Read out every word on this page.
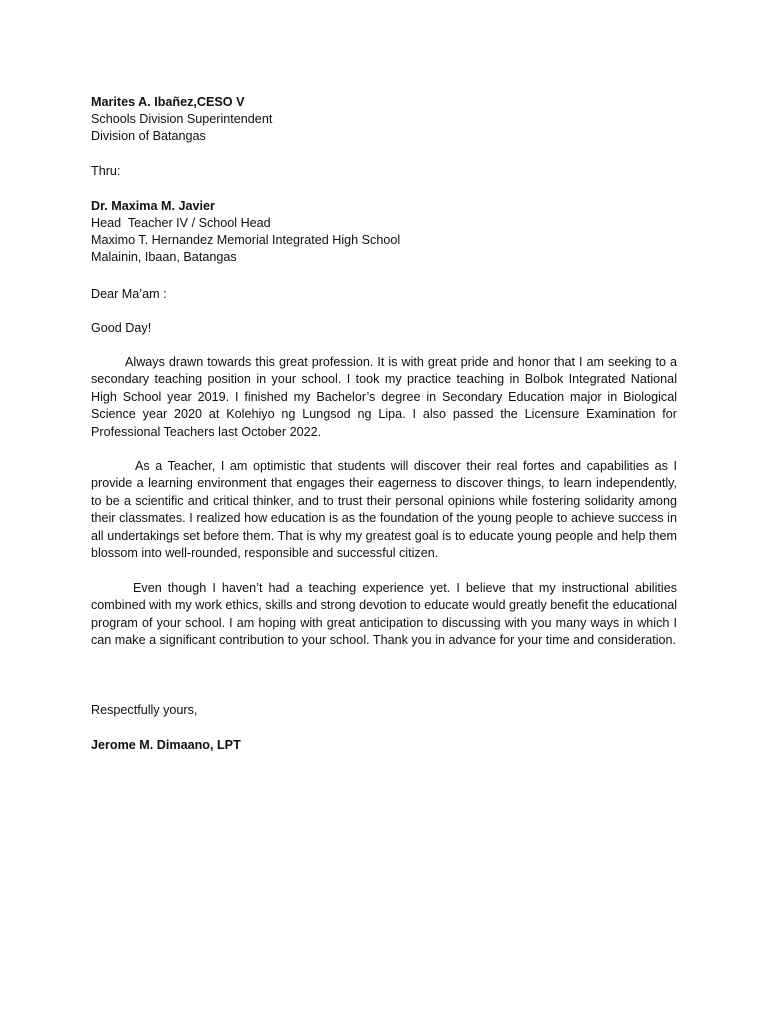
Marites A. Ibañez,CESO V
Schools Division Superintendent
Division of Batangas
Thru:
Dr. Maxima M. Javier
Head  Teacher IV / School Head
Maximo T. Hernandez Memorial Integrated High School
Malainin, Ibaan, Batangas
Dear Ma’am :
Good Day!

Always drawn towards this great profession. It is with great pride and honor that I am seeking to a secondary teaching position in your school. I took my practice teaching in Bolbok Integrated National High School year 2019. I finished my Bachelor’s degree in Secondary Education major in Biological Science year 2020 at Kolehiyo ng Lungsod ng Lipa. I also passed the Licensure Examination for Professional Teachers last October 2022.

As a Teacher, I am optimistic that students will discover their real fortes and capabilities as I provide a learning environment that engages their eagerness to discover things, to learn independently, to be a scientific and critical thinker, and to trust their personal opinions while fostering solidarity among their classmates. I realized how education is as the foundation of the young people to achieve success in all undertakings set before them. That is why my greatest goal is to educate young people and help them blossom into well-rounded, responsible and successful citizen.

Even though I haven’t had a teaching experience yet. I believe that my instructional abilities combined with my work ethics, skills and strong devotion to educate would greatly benefit the educational program of your school. I am hoping with great anticipation to discussing with you many ways in which I can make a significant contribution to your school. Thank you in advance for your time and consideration.

Respectfully yours,
Jerome M. Dimaano, LPT
